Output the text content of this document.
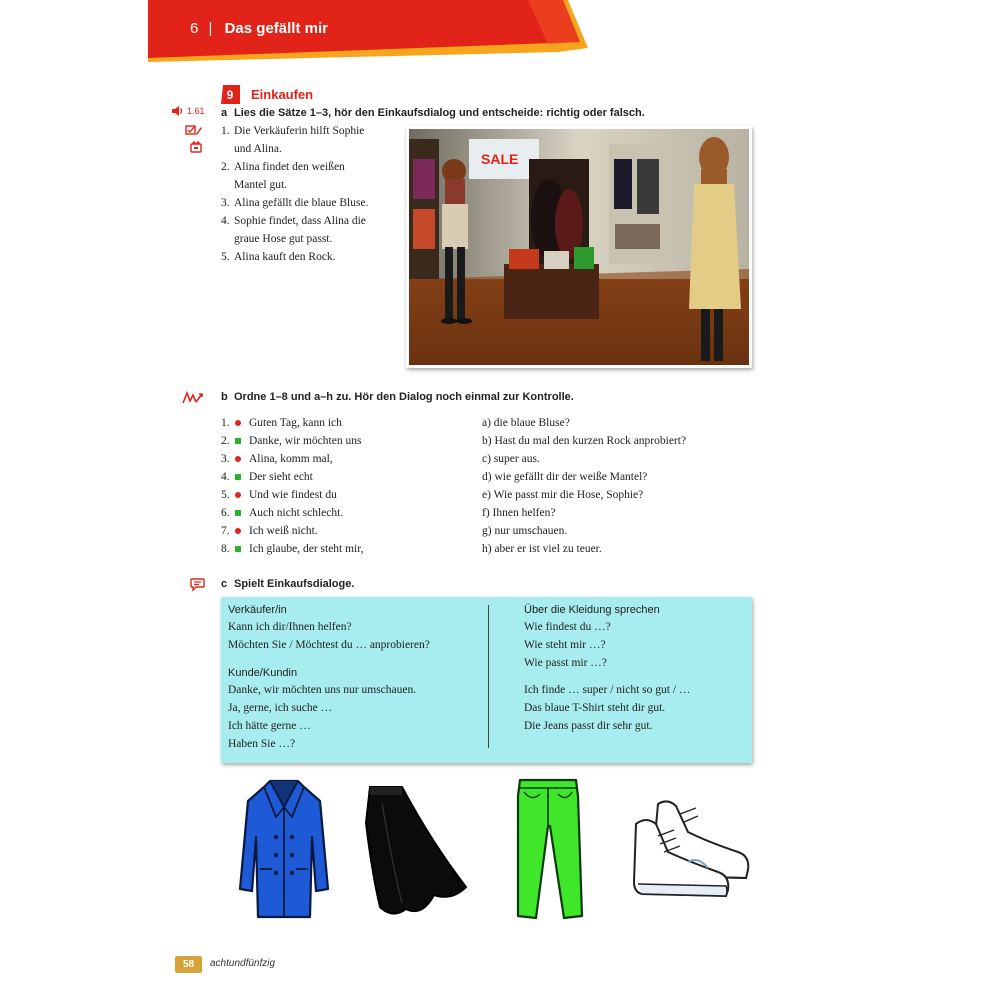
6 | Das gefällt mir
9 Einkaufen
1.61 a Lies die Sätze 1–3, hör den Einkaufsdialog und entscheide: richtig oder falsch.
1. Die Verkäuferin hilft Sophie
und Alina.
2. Alina findet den weißen
Mantel gut.
3. Alina gefällt die blaue Bluse.
4. Sophie findet, dass Alina die
graue Hose gut passt.
5. Alina kauft den Rock.
SALE
b Ordne 1–8 und a–h zu. Hör den Dialog noch einmal zur Kontrolle.
1.	Guten Tag, kann ich
2.	Danke, wir möchten uns
3.	Alina, komm mal,
4.	Der sieht echt
5.	Und wie findest du
6.	Auch nicht schlecht.
7.	Ich weiß nicht.
8.	Ich glaube, der steht mir,
a) die blaue Bluse?
b) Hast du mal den kurzen Rock anprobiert?
c) super aus.
d) wie gefällt dir der weiße Mantel?
e) Wie passt mir die Hose, Sophie?
f) Ihnen helfen?
g) nur umschauen.
h) aber er ist viel zu teuer.
c Spielt Einkaufsdialoge.
Verkäufer/in
Kann ich dir/Ihnen helfen?
Möchten Sie / Möchtest du … anprobieren?
Kunde/Kundin
Danke, wir möchten uns nur umschauen.
Ja, gerne, ich suche …
Ich hätte gerne …
Haben Sie …?
Über die Kleidung sprechen
Wie findest du …?
Wie steht mir …?
Wie passt mir …?
Ich finde … super / nicht so gut / …
Das blaue T-Shirt steht dir gut.
Die Jeans passt dir sehr gut.
58	achtundfünfzig
